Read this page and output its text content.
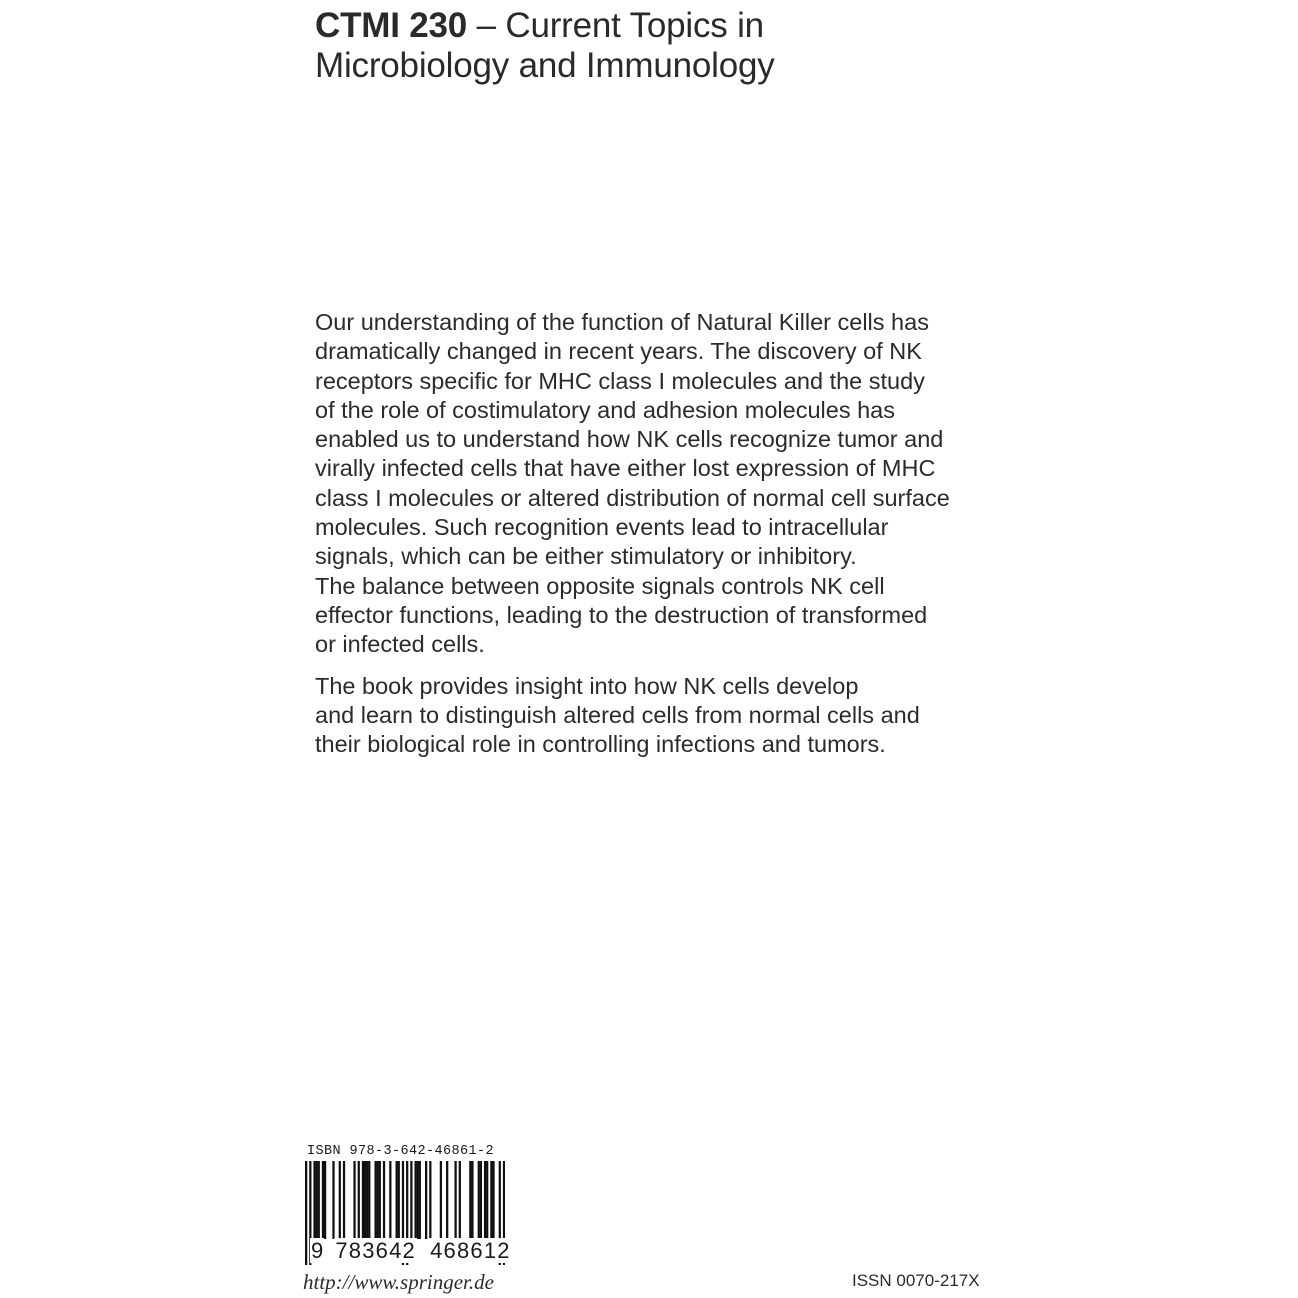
CTMI 230 – Current Topics in
Microbiology and Immunology

Our understanding of the function of Natural Killer cells has
dramatically changed in recent years. The discovery of NK
receptors specific for MHC class I molecules and the study
of the role of costimulatory and adhesion molecules has
enabled us to understand how NK cells recognize tumor and
virally infected cells that have either lost expression of MHC
class I molecules or altered distribution of normal cell surface
molecules. Such recognition events lead to intracellular
signals, which can be either stimulatory or inhibitory.
The balance between opposite signals controls NK cell
effector functions, leading to the destruction of transformed
or infected cells.

The book provides insight into how NK cells develop
and learn to distinguish altered cells from normal cells and
their biological role in controlling infections and tumors.

ISBN 978-3-642-46861-2
9 783642 468612
http://www.springer.de	ISSN 0070-217X
